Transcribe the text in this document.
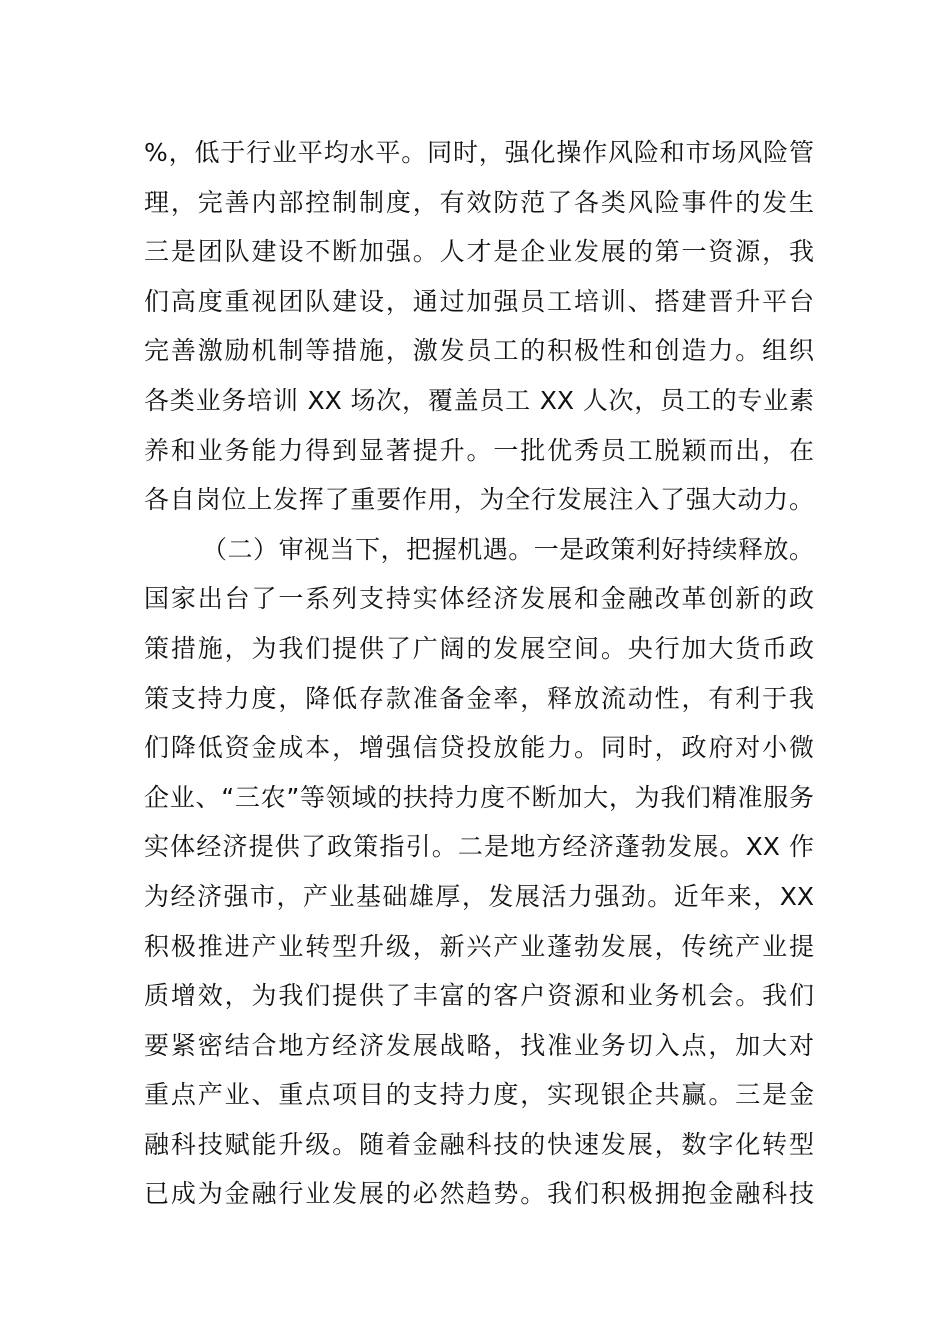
%，低于行业平均水平。同时，强化操作风险和市场风险管
理，完善内部控制制度，有效防范了各类风险事件的发生
三是团队建设不断加强。人才是企业发展的第一资源，我
们高度重视团队建设，通过加强员工培训、搭建晋升平台
完善激励机制等措施，激发员工的积极性和创造力。组织
各类业务培训 XX 场次，覆盖员工 XX 人次，员工的专业素
养和业务能力得到显著提升。一批优秀员工脱颖而出，在
各自岗位上发挥了重要作用，为全行发展注入了强大动力。
（二）审视当下，把握机遇。一是政策利好持续释放。
国家出台了一系列支持实体经济发展和金融改革创新的政
策措施，为我们提供了广阔的发展空间。央行加大货币政
策支持力度，降低存款准备金率，释放流动性，有利于我
们降低资金成本，增强信贷投放能力。同时，政府对小微
企业、“三农”等领域的扶持力度不断加大，为我们精准服务
实体经济提供了政策指引。二是地方经济蓬勃发展。XX 作
为经济强市，产业基础雄厚，发展活力强劲。近年来，XX
积极推进产业转型升级，新兴产业蓬勃发展，传统产业提
质增效，为我们提供了丰富的客户资源和业务机会。我们
要紧密结合地方经济发展战略，找准业务切入点，加大对
重点产业、重点项目的支持力度，实现银企共赢。三是金
融科技赋能升级。随着金融科技的快速发展，数字化转型
已成为金融行业发展的必然趋势。我们积极拥抱金融科技
